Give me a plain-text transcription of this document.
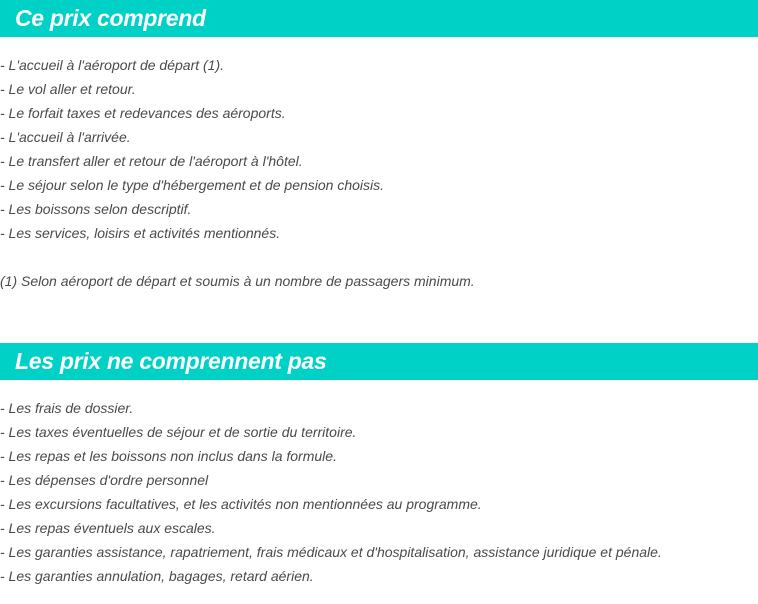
Ce prix comprend
- L'accueil à l'aéroport de départ (1).
- Le vol aller et retour.
- Le forfait taxes et redevances des aéroports.
- L'accueil à l'arrivée.
- Le transfert aller et retour de l'aéroport à l'hôtel.
- Le séjour selon le type d'hébergement et de pension choisis.
- Les boissons selon descriptif.
- Les services, loisirs et activités mentionnés.

(1) Selon aéroport de départ et soumis à un nombre de passagers minimum.

Les prix ne comprennent pas
- Les frais de dossier.
- Les taxes éventuelles de séjour et de sortie du territoire.
- Les repas et les boissons non inclus dans la formule.
- Les dépenses d'ordre personnel
- Les excursions facultatives, et les activités non mentionnées au programme.
- Les repas éventuels aux escales.
- Les garanties assistance, rapatriement, frais médicaux et d'hospitalisation, assistance juridique et pénale.
- Les garanties annulation, bagages, retard aérien.
